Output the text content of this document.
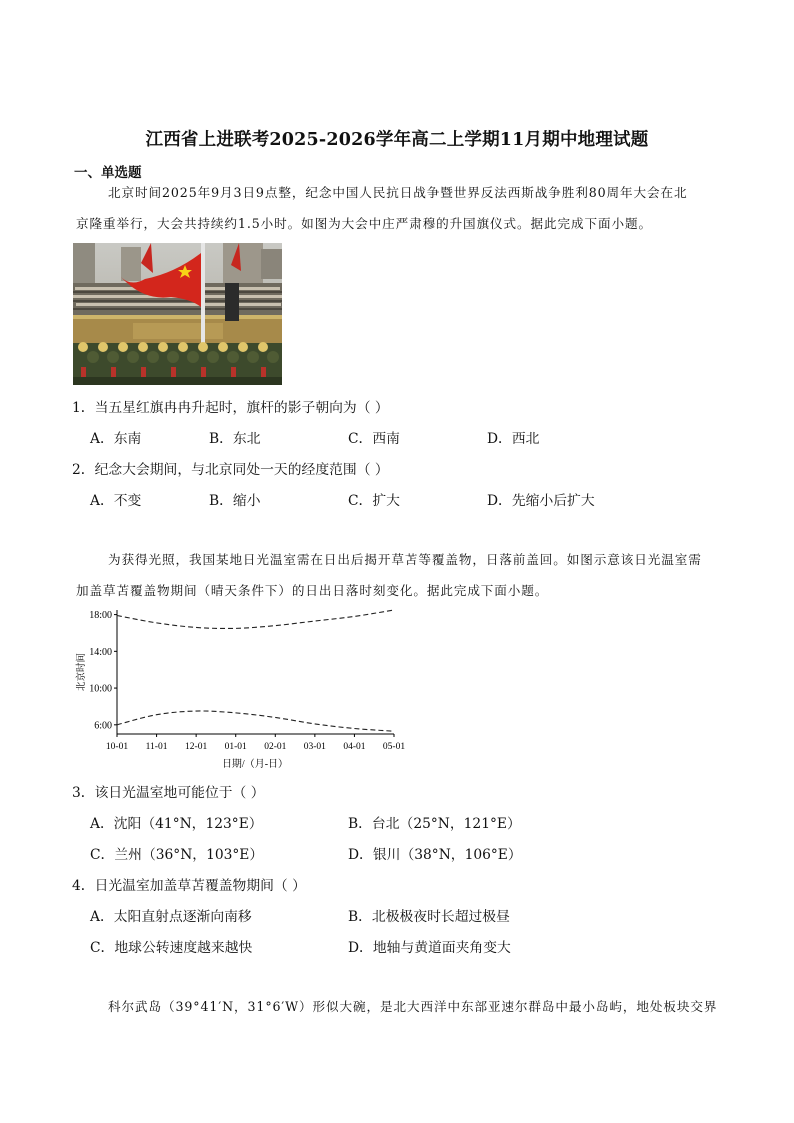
江西省上进联考2025-2026学年高二上学期11月期中地理试题
一、单选题
北京时间2025年9月3日9点整，纪念中国人民抗日战争暨世界反法西斯战争胜利80周年大会在北
京隆重举行，大会共持续约1.5小时。如图为大会中庄严肃穆的升国旗仪式。据此完成下面小题。
1．当五星红旗冉冉升起时，旗杆的影子朝向为（ ）
A．东南	B．东北	C．西南	D．西北
2．纪念大会期间，与北京同处一天的经度范围（ ）
A．不变	B．缩小	C．扩大	D．先缩小后扩大
为获得光照，我国某地日光温室需在日出后揭开草苫等覆盖物，日落前盖回。如图示意该日光温室需
加盖草苫覆盖物期间（晴天条件下）的日出日落时刻变化。据此完成下面小题。
北京时间
日期/（月-日）
6:00
10:00
14:00
18:00
10-01 11-01 12-01 01-01 02-01 03-01 04-01 05-01
3．该日光温室地可能位于（ ）
A．沈阳（41°N，123°E）	B．台北（25°N，121°E）
C．兰州（36°N，103°E）	D．银川（38°N，106°E）
4．日光温室加盖草苫覆盖物期间（ ）
A．太阳直射点逐渐向南移	B．北极极夜时长超过极昼
C．地球公转速度越来越快	D．地轴与黄道面夹角变大
科尔武岛（39°41′N，31°6′W）形似大碗，是北大西洋中东部亚速尔群岛中最小岛屿，地处板块交界
